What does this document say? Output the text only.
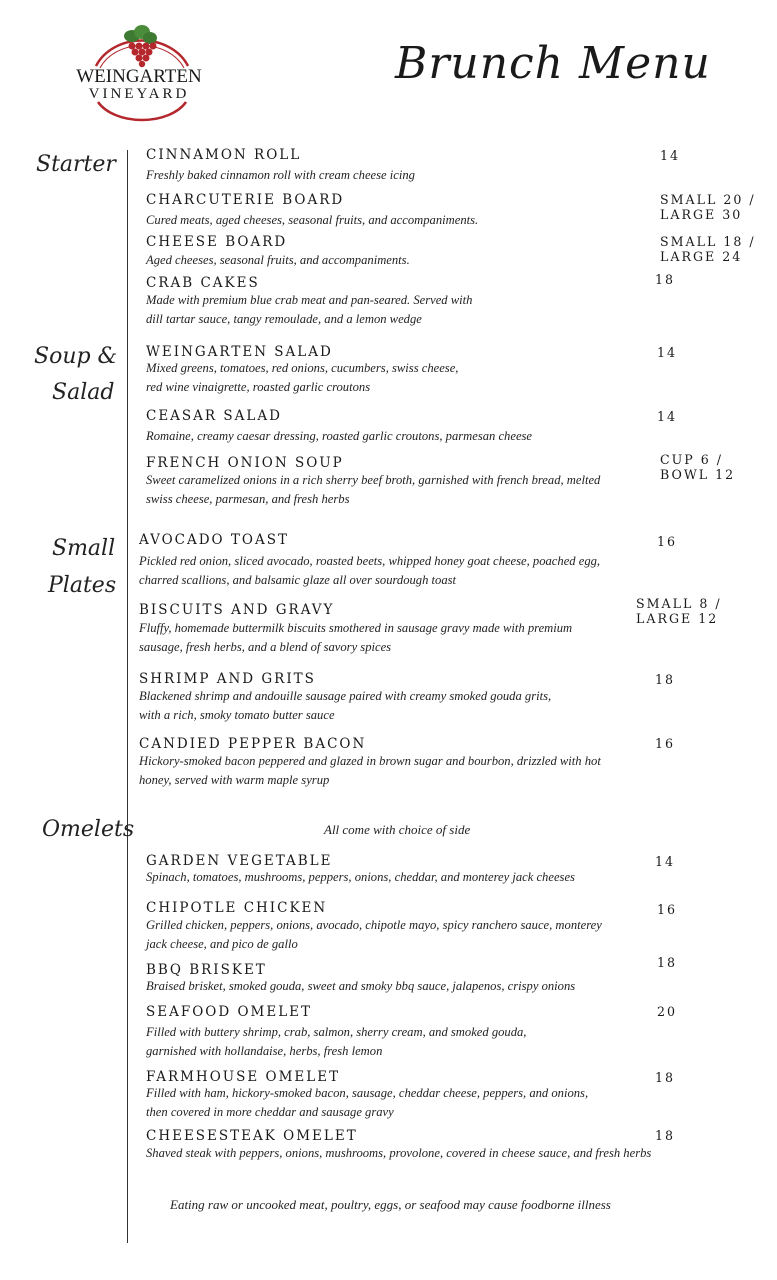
WEINGARTEN
VINEYARD
Brunch Menu
Starter
Soup &
Salad
Small
Plates
Omelets	All come with choice of side
CINNAMON ROLL
Freshly baked cinnamon roll with cream cheese icing
14
CHARCUTERIE BOARD
Cured meats, aged cheeses, seasonal fruits, and accompaniments.
SMALL 20 /
LARGE 30
CHEESE BOARD
Aged cheeses, seasonal fruits, and accompaniments.
SMALL 18 /
LARGE 24
CRAB CAKES
Made with premium blue crab meat and pan-seared. Served with
dill tartar sauce, tangy remoulade, and a lemon wedge
18
WEINGARTEN SALAD
Mixed greens, tomatoes, red onions, cucumbers, swiss cheese,
red wine vinaigrette, roasted garlic croutons
14
CEASAR SALAD
Romaine, creamy caesar dressing, roasted garlic croutons, parmesan cheese
14
FRENCH ONION SOUP
Sweet caramelized onions in a rich sherry beef broth, garnished with french bread, melted
swiss cheese, parmesan, and fresh herbs
CUP 6 /
BOWL 12
AVOCADO TOAST
Pickled red onion, sliced avocado, roasted beets, whipped honey goat cheese, poached egg,
charred scallions, and balsamic glaze all over sourdough toast
16
BISCUITS AND GRAVY
Fluffy, homemade buttermilk biscuits smothered in sausage gravy made with premium
sausage, fresh herbs, and a blend of savory spices
SMALL 8 /
LARGE 12
SHRIMP AND GRITS
Blackened shrimp and andouille sausage paired with creamy smoked gouda grits,
with a rich, smoky tomato butter sauce
18
CANDIED PEPPER BACON
Hickory-smoked bacon peppered and glazed in brown sugar and bourbon, drizzled with hot
honey, served with warm maple syrup
16
GARDEN VEGETABLE
Spinach, tomatoes, mushrooms, peppers, onions, cheddar, and monterey jack cheeses
14
CHIPOTLE CHICKEN
Grilled chicken, peppers, onions, avocado, chipotle mayo, spicy ranchero sauce, monterey
jack cheese, and pico de gallo
16
BBQ BRISKET
Braised brisket, smoked gouda, sweet and smoky bbq sauce, jalapenos, crispy onions
18
SEAFOOD OMELET
Filled with buttery shrimp, crab, salmon, sherry cream, and smoked gouda,
garnished with hollandaise, herbs, fresh lemon
20
FARMHOUSE OMELET
Filled with ham, hickory-smoked bacon, sausage, cheddar cheese, peppers, and onions,
then covered in more cheddar and sausage gravy
18
CHEESESTEAK OMELET
Shaved steak with peppers, onions, mushrooms, provolone, covered in cheese sauce, and fresh herbs
18
Eating raw or uncooked meat, poultry, eggs, or seafood may cause foodborne illness
